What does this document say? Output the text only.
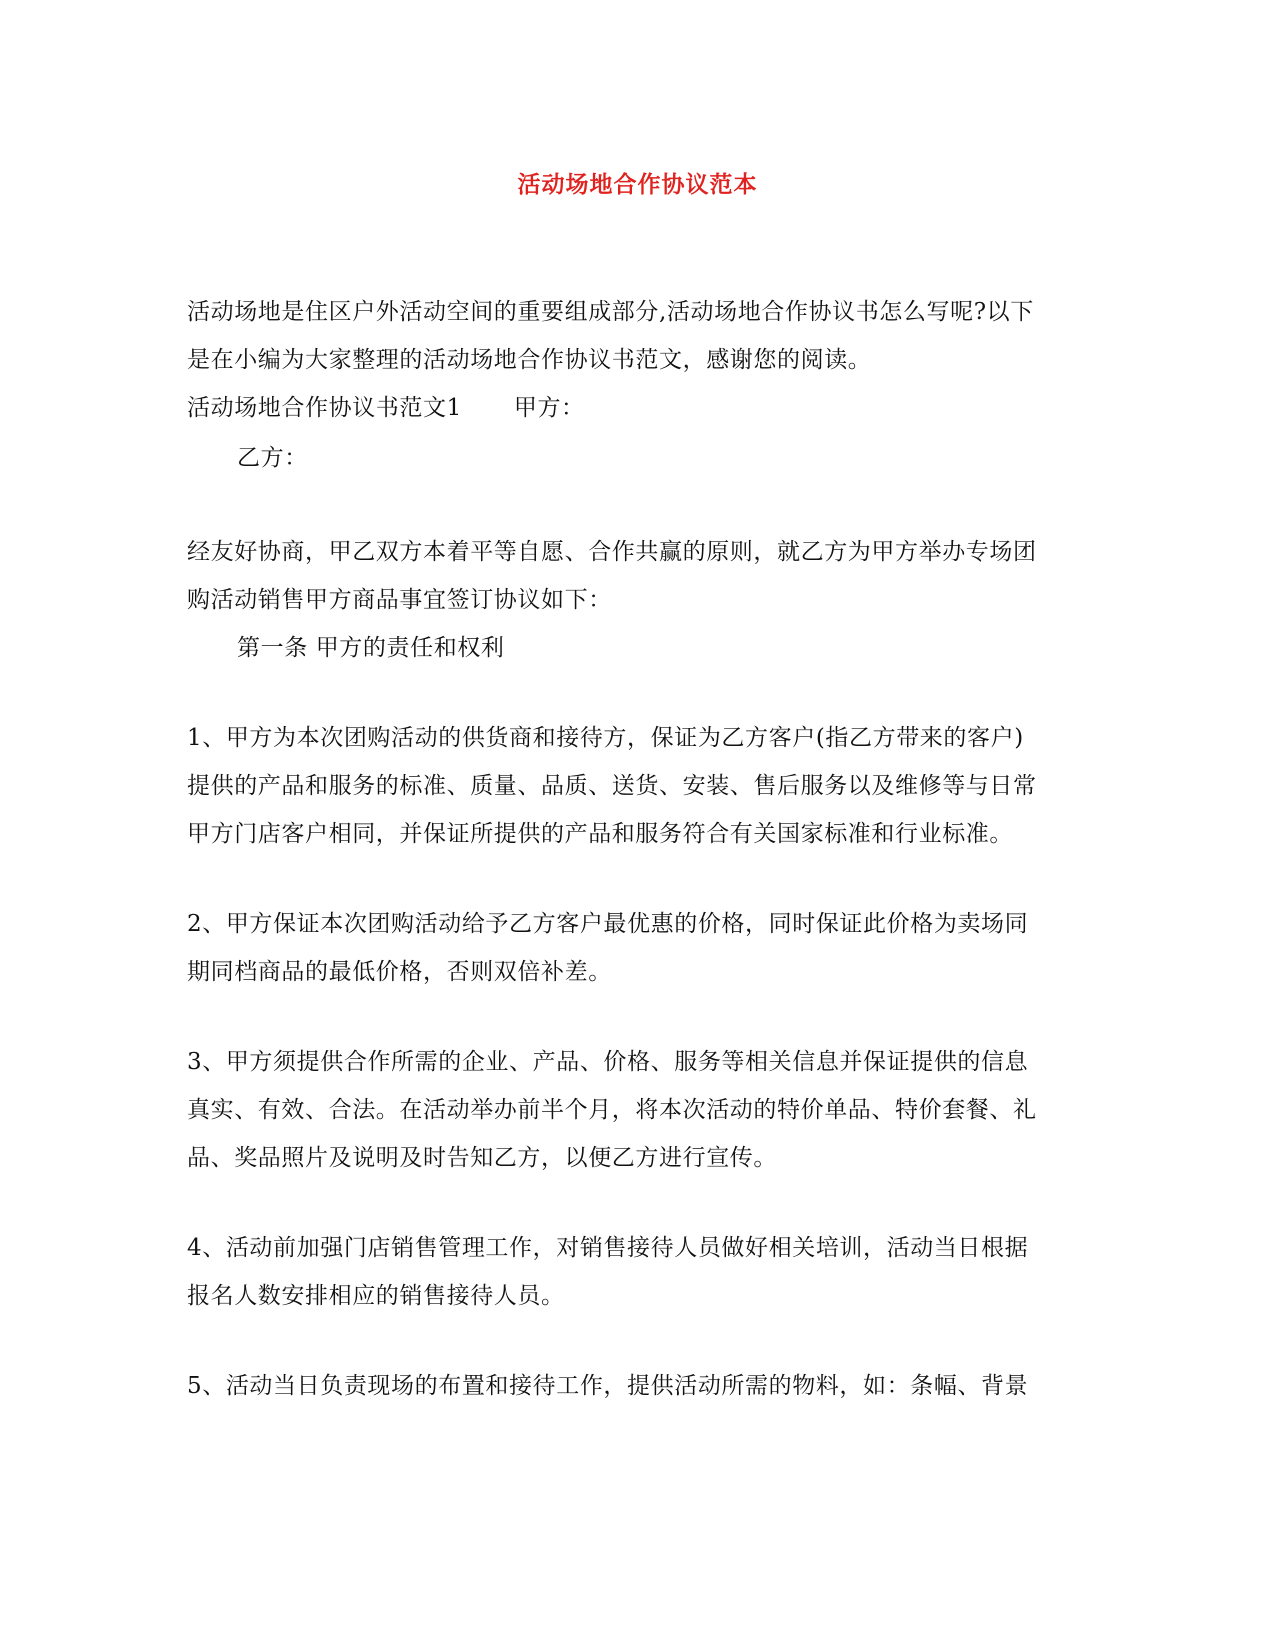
活动场地合作协议范本
活动场地是住区户外活动空间的重要组成部分,活动场地合作协议书怎么写呢?以下
是在小编为大家整理的活动场地合作协议书范文，感谢您的阅读。
活动场地合作协议书范文1 甲方：
乙方：
经友好协商，甲乙双方本着平等自愿、合作共赢的原则，就乙方为甲方举办专场团
购活动销售甲方商品事宜签订协议如下：
第一条 甲方的责任和权利
1、甲方为本次团购活动的供货商和接待方，保证为乙方客户(指乙方带来的客户)
提供的产品和服务的标准、质量、品质、送货、安装、售后服务以及维修等与日常
甲方门店客户相同，并保证所提供的产品和服务符合有关国家标准和行业标准。
2、甲方保证本次团购活动给予乙方客户最优惠的价格，同时保证此价格为卖场同
期同档商品的最低价格，否则双倍补差。
3、甲方须提供合作所需的企业、产品、价格、服务等相关信息并保证提供的信息
真实、有效、合法。在活动举办前半个月，将本次活动的特价单品、特价套餐、礼
品、奖品照片及说明及时告知乙方，以便乙方进行宣传。
4、活动前加强门店销售管理工作，对销售接待人员做好相关培训，活动当日根据
报名人数安排相应的销售接待人员。
5、活动当日负责现场的布置和接待工作，提供活动所需的物料，如：条幅、背景
